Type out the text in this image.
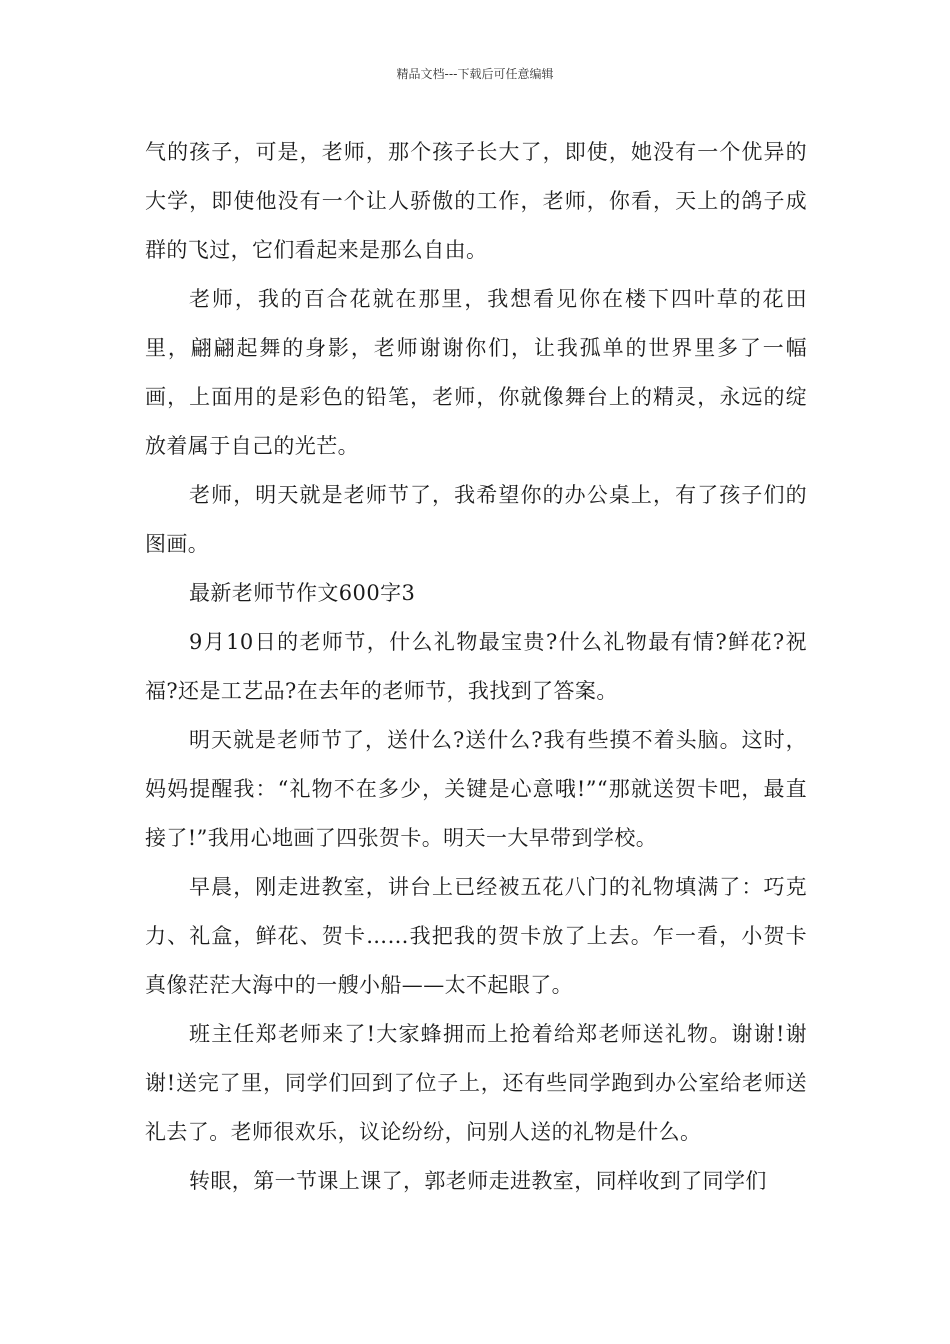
精品文档---下载后可任意编辑

气的孩子，可是，老师，那个孩子长大了，即使，她没有一个优异的大学，即使他没有一个让人骄傲的工作，老师，你看，天上的鸽子成群的飞过，它们看起来是那么自由。

老师，我的百合花就在那里，我想看见你在楼下四叶草的花田里，翩翩起舞的身影，老师谢谢你们，让我孤单的世界里多了一幅画，上面用的是彩色的铅笔，老师，你就像舞台上的精灵，永远的绽放着属于自己的光芒。

老师，明天就是老师节了，我希望你的办公桌上，有了孩子们的图画。

最新老师节作文600字3

9月10日的老师节，什么礼物最宝贵?什么礼物最有情?鲜花?祝福?还是工艺品?在去年的老师节，我找到了答案。

明天就是老师节了，送什么?送什么?我有些摸不着头脑。这时，妈妈提醒我：“礼物不在多少，关键是心意哦!”“那就送贺卡吧，最直接了!”我用心地画了四张贺卡。明天一大早带到学校。

早晨，刚走进教室，讲台上已经被五花八门的礼物填满了：巧克力、礼盒，鲜花、贺卡……我把我的贺卡放了上去。乍一看，小贺卡真像茫茫大海中的一艘小船——太不起眼了。

班主任郑老师来了!大家蜂拥而上抢着给郑老师送礼物。谢谢!谢谢!送完了里，同学们回到了位子上，还有些同学跑到办公室给老师送礼去了。老师很欢乐，议论纷纷，问别人送的礼物是什么。

转眼，第一节课上课了，郭老师走进教室，同样收到了同学们
